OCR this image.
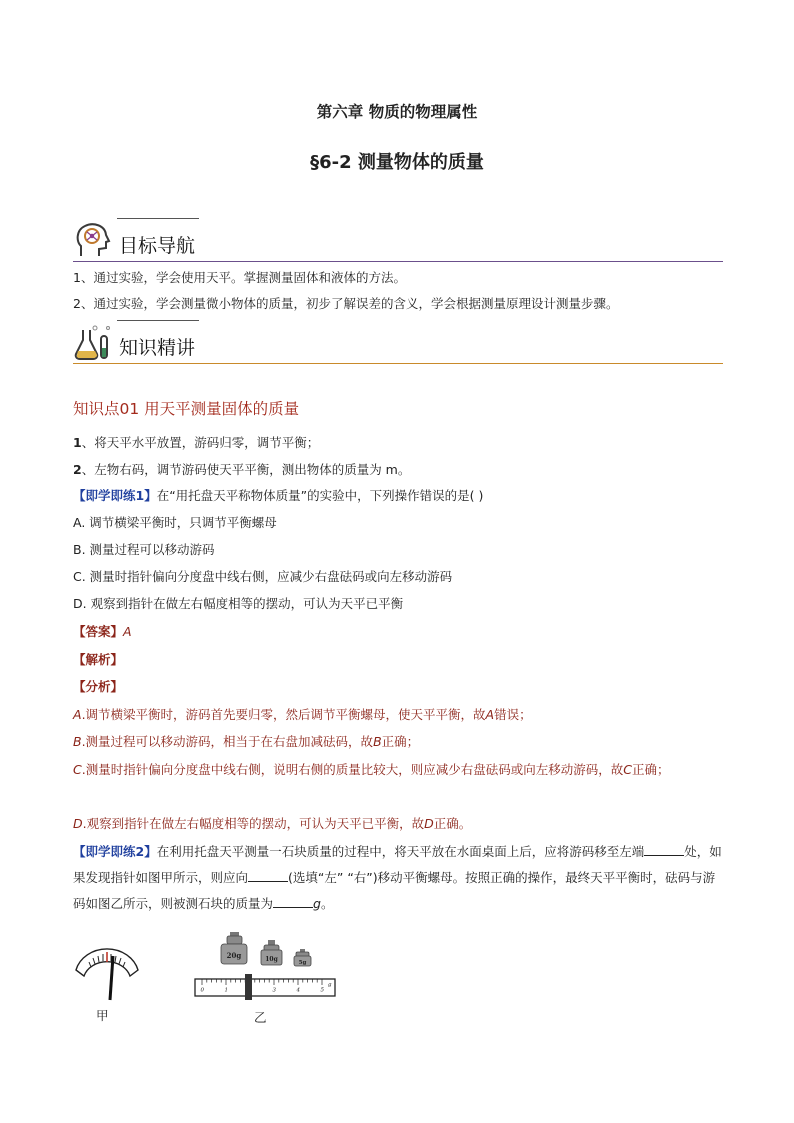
第六章 物质的物理属性
§6-2 测量物体的质量
目标导航
1、通过实验，学会使用天平。掌握测量固体和液体的方法。
2、通过实验，学会测量微小物体的质量，初步了解误差的含义，学会根据测量原理设计测量步骤。
知识精讲
知识点01 用天平测量固体的质量
1、将天平水平放置，游码归零，调节平衡；
2、左物右码，调节游码使天平平衡，测出物体的质量为 m。
【即学即练1】在“用托盘天平称物体质量”的实验中，下列操作错误的是( )
A. 调节横梁平衡时，只调节平衡螺母
B. 测量过程可以移动游码
C. 测量时指针偏向分度盘中线右侧，应减少右盘砝码或向左移动游码
D. 观察到指针在做左右幅度相等的摆动，可认为天平已平衡
【答案】A
【解析】
【分析】
A.调节横梁平衡时，游码首先要归零，然后调节平衡螺母，使天平平衡，故A错误；
B.测量过程可以移动游码，相当于在右盘加减砝码，故B正确；
C.测量时指针偏向分度盘中线右侧，说明右侧的质量比较大，则应减少右盘砝码或向左移动游码，故C正确；
D.观察到指针在做左右幅度相等的摆动，可认为天平已平衡，故D正确。
【即学即练2】在利用托盘天平测量一石块质量的过程中，将天平放在水面桌面上后，应将游码移至左端	处，如果发现指针如图甲所示，则应向	(选填“左” “右”)移动平衡螺母。按照正确的操作，最终天平平衡时，砝码与游码如图乙所示，则被测石块的质量为	g。
甲
20g	10g	5g
0	1	3	4	5
g
乙
